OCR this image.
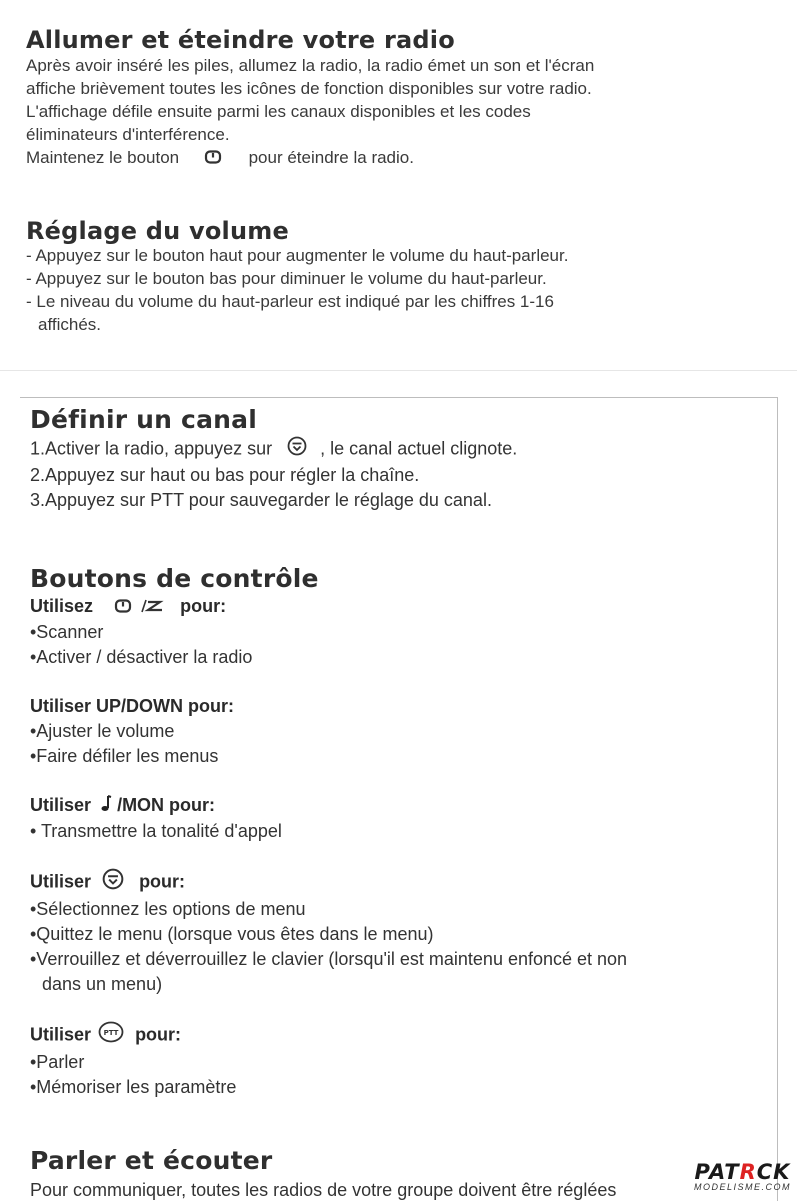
Allumer et éteindre votre radio
Après avoir inséré les piles, allumez la radio, la radio émet un son et l'écran
affiche brièvement toutes les icônes de fonction disponibles sur votre radio.
L'affichage défile ensuite parmi les canaux disponibles et les codes
éliminateurs d'interférence.
Maintenez le bouton	pour éteindre la radio.
Réglage du volume
- Appuyez sur le bouton haut pour augmenter le volume du haut-parleur.
- Appuyez sur le bouton bas pour diminuer le volume du haut-parleur.
- Le niveau du volume du haut-parleur est indiqué par les chiffres 1-16
affichés.
Définir un canal
1.Activer la radio, appuyez sur	, le canal actuel clignote.
2.Appuyez sur haut ou bas pour régler la chaîne.
3.Appuyez sur PTT pour sauvegarder le réglage du canal.
Boutons de contrôle
Utilisez	pour:
•Scanner
•Activer / désactiver la radio
Utiliser UP/DOWN pour:
•Ajuster le volume
•Faire défiler les menus
Utiliser /MON pour:
• Transmettre la tonalité d'appel
Utiliser	pour:
•Sélectionnez les options de menu
•Quittez le menu (lorsque vous êtes dans le menu)
•Verrouillez et déverrouillez le clavier (lorsqu'il est maintenu enfoncé et non
dans un menu)
Utiliser PTT pour:
•Parler
•Mémoriser les paramètre
Parler et écouter
Pour communiquer, toutes les radios de votre groupe doivent être réglées
PATRCK
MODELISME.COM
